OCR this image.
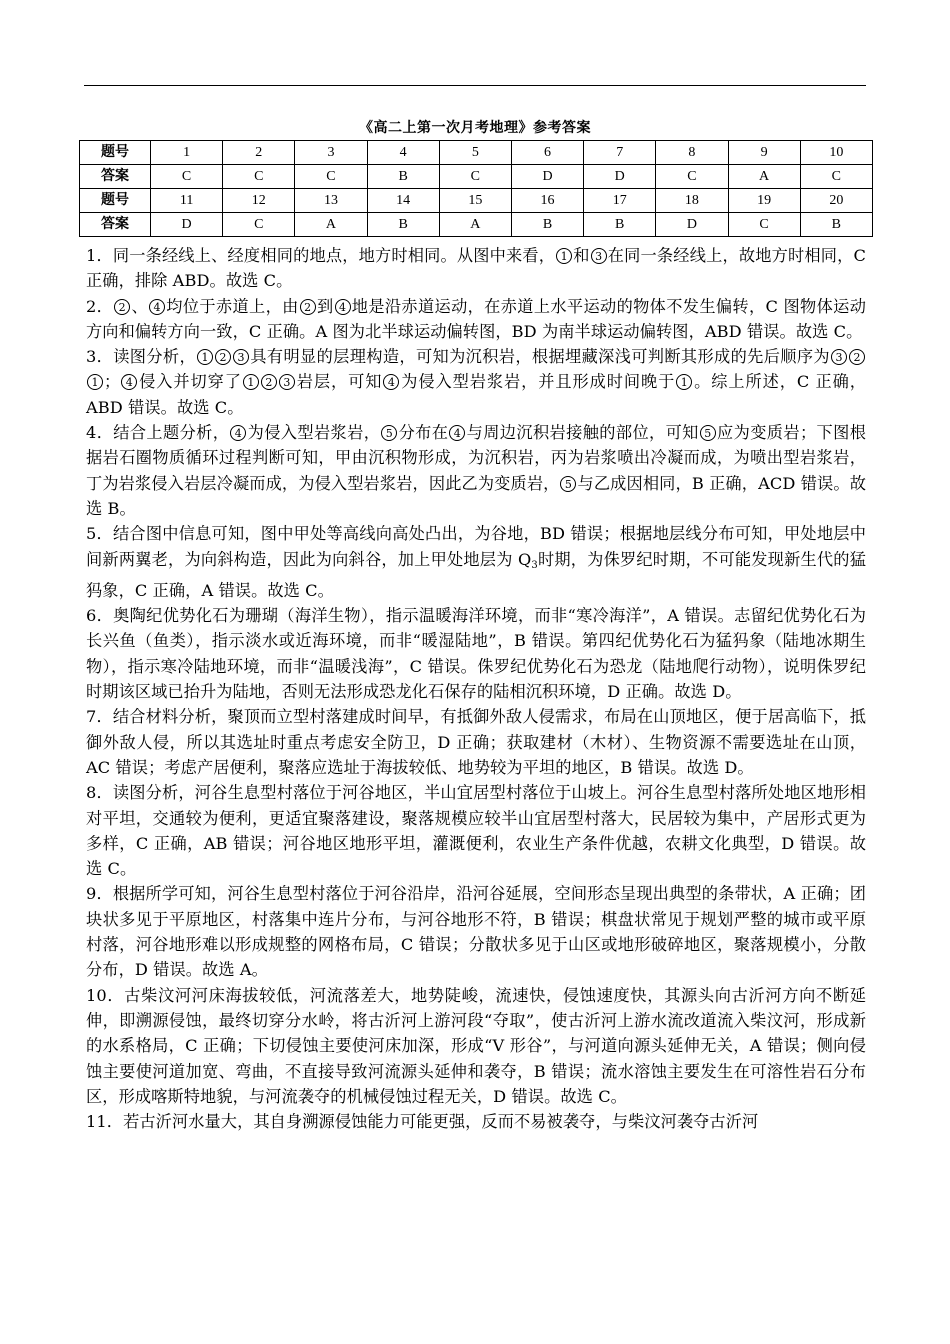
《高二上第一次月考地理》参考答案
题号	1	2	3	4	5	6	7	8	9	10
答案	C	C	C	B	C	D	D	C	A	C
题号	11	12	13	14	15	16	17	18	19	20
答案	D	C	A	B	A	B	B	D	C	B

1．同一条经线上、经度相同的地点，地方时相同。从图中来看， 1 和 3 在同一条经线上，故地方时相同，C 正确，排除 ABD。故选 C。

2． 2 、 4 均位于赤道上，由 2 到 4 地是沿赤道运动，在赤道上水平运动的物体不发生偏转，C 图物体运动方向和偏转方向一致，C 正确。A 图为北半球运动偏转图，BD 为南半球运动偏转图，ABD 错误。故选 C。

3．读图分析， 1 2 3 具有明显的层理构造，可知为沉积岩，根据埋藏深浅可判断其形成的先后顺序为 3 21 ； 4 侵入并切穿了 1 2 3 岩层，可知 4 为侵入型岩浆岩，并且形成时间晚于 1 。综上所述，C 正确，ABD 错误。故选 C。

4．结合上题分析， 4 为侵入型岩浆岩， 5 分布在 4 与周边沉积岩接触的部位，可知 5 应为变质岩；下图根据岩石圈物质循环过程判断可知，甲由沉积物形成，为沉积岩，丙为岩浆喷出冷凝而成，为喷出型岩浆岩，丁为岩浆侵入岩层冷凝而成，为侵入型岩浆岩，因此乙为变质岩， 5 与乙成因相同，B 正确，ACD 错误。故选 B。

5．结合图中信息可知，图中甲处等高线向高处凸出，为谷地，BD 错误；根据地层线分布可知，甲处地层中间新两翼老，为向斜构造，因此为向斜谷，加上甲处地层为 $Q_3$时期，为侏罗纪时期，不可能发现新生代的猛犸象，C 正确，A 错误。故选 C。

6．奥陶纪优势化石为珊瑚（海洋生物），指示温暖海洋环境，而非“寒冷海洋”，A 错误。志留纪优势化石为长兴鱼（鱼类），指示淡水或近海环境，而非“暖湿陆地”，B 错误。第四纪优势化石为猛犸象（陆地冰期生物），指示寒冷陆地环境，而非“温暖浅海”，C 错误。侏罗纪优势化石为恐龙（陆地爬行动物），说明侏罗纪时期该区域已抬升为陆地，否则无法形成恐龙化石保存的陆相沉积环境，D 正确。故选 D。

7．结合材料分析，聚顶而立型村落建成时间早，有抵御外敌人侵需求，布局在山顶地区，便于居高临下，抵御外敌人侵，所以其选址时重点考虑安全防卫，D 正确；获取建材（木材）、生物资源不需要选址在山顶，AC 错误；考虑产居便利，聚落应选址于海拔较低、地势较为平坦的地区，B 错误。故选 D。

8．读图分析，河谷生息型村落位于河谷地区，半山宜居型村落位于山坡上。河谷生息型村落所处地区地形相对平坦，交通较为便利，更适宜聚落建设，聚落规模应较半山宜居型村落大，民居较为集中，产居形式更为多样，C 正确，AB 错误；河谷地区地形平坦，灌溉便利，农业生产条件优越，农耕文化典型，D 错误。故选 C。

9．根据所学可知，河谷生息型村落位于河谷沿岸，沿河谷延展，空间形态呈现出典型的条带状，A 正确；团块状多见于平原地区，村落集中连片分布，与河谷地形不符，B 错误；棋盘状常见于规划严整的城市或平原村落，河谷地形难以形成规整的网格布局，C 错误；分散状多见于山区或地形破碎地区，聚落规模小，分散分布，D 错误。故选 A。

10．古柴汶河河床海拔较低，河流落差大，地势陡峻，流速快，侵蚀速度快，其源头向古沂河方向不断延伸，即溯源侵蚀，最终切穿分水岭，将古沂河上游河段“夺取”，使古沂河上游水流改道流入柴汶河，形成新的水系格局，C 正确；下切侵蚀主要使河床加深，形成“V 形谷”，与河道向源头延伸无关，A 错误；侧向侵蚀主要使河道加宽、弯曲，不直接导致河流源头延伸和袭夺，B 错误；流水溶蚀主要发生在可溶性岩石分布区，形成喀斯特地貌，与河流袭夺的机械侵蚀过程无关，D 错误。故选 C。

11．若古沂河水量大，其自身溯源侵蚀能力可能更强，反而不易被袭夺，与柴汶河袭夺古沂河
